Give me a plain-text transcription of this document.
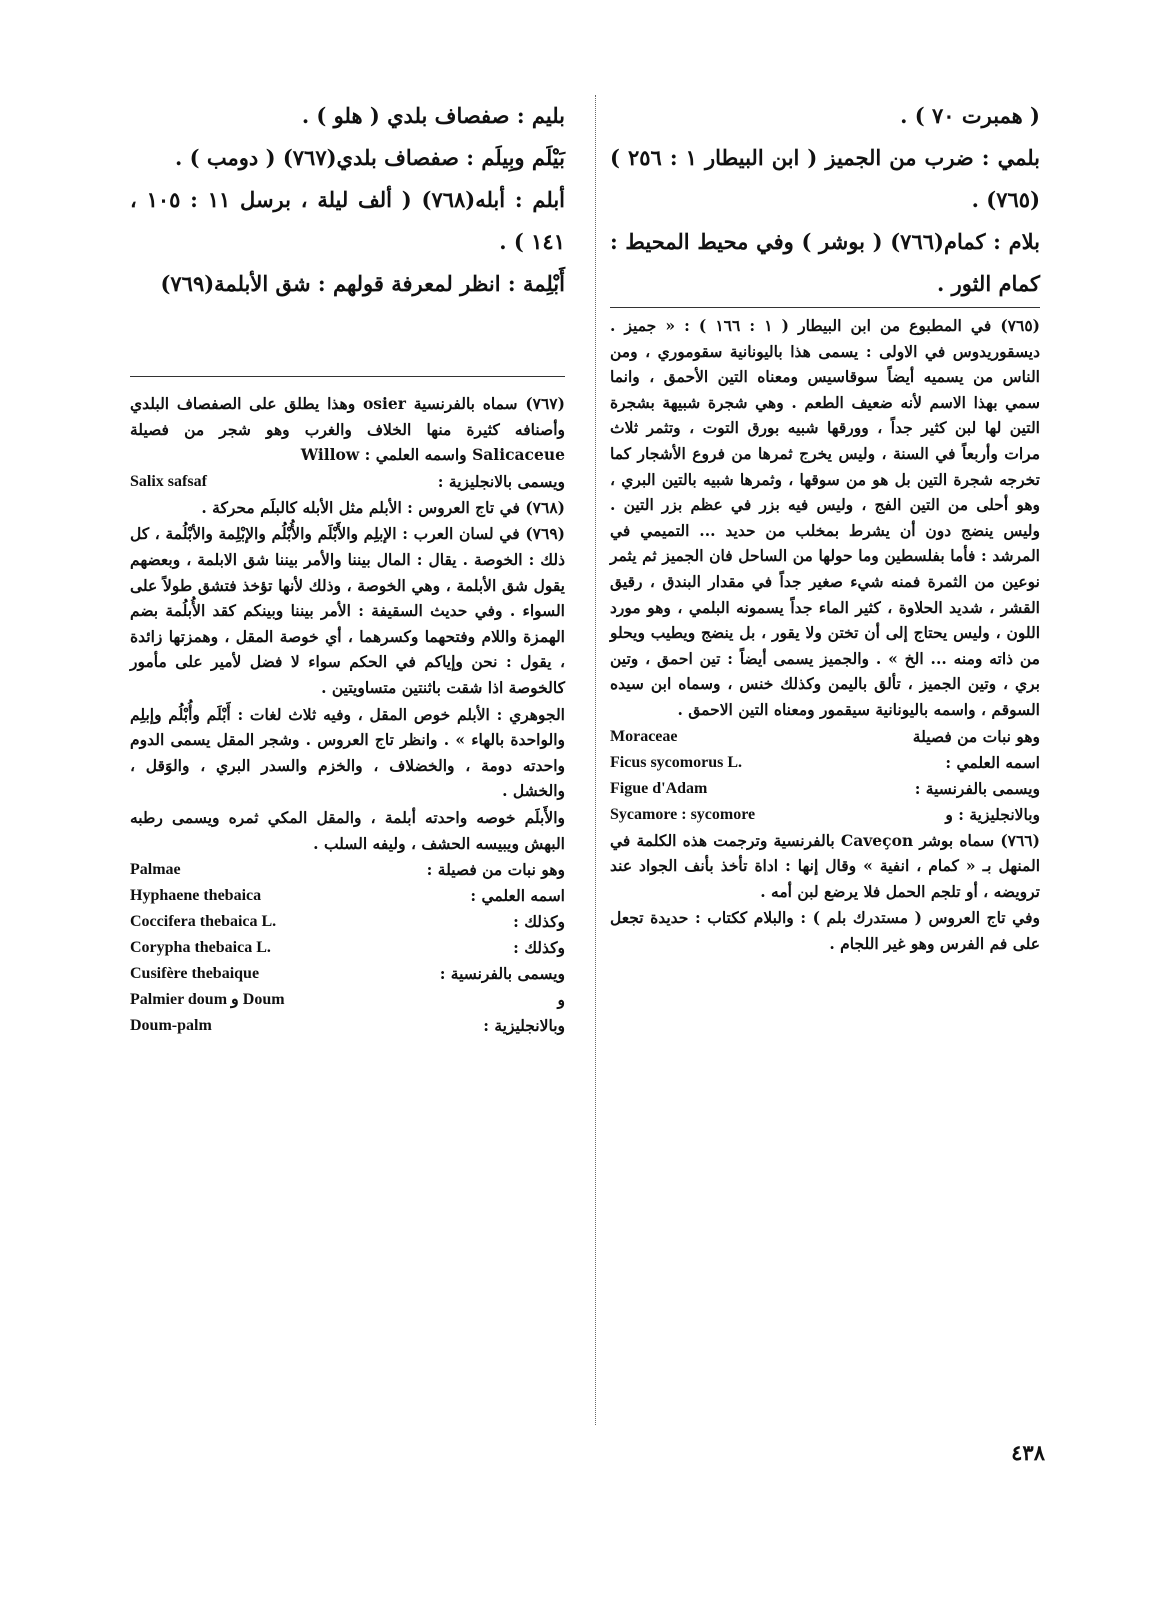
( همبرت ٧٠ ) .

بلمي : ضرب من الجميز ( ابن البيطار ١ : ٢٥٦ )(٧٦٥) .

بلام : كمام(٧٦٦) ( بوشر ) وفي محيط المحيط : كمام الثور .

(٧٦٥) في المطبوع من ابن البيطار ( ١ : ١٦٦ ) : « جميز . ديسقوريدوس في الاولى : يسمى هذا باليونانية سقوموري ، ومن الناس من يسميه أيضاً سوقاسيس ومعناه التين الأحمق ، وانما سمي بهذا الاسم لأنه ضعيف الطعم . وهي شجرة شبيهة بشجرة التين لها لبن كثير جداً ، وورقها شبيه بورق التوت ، وتثمر ثلاث مرات وأربعاً في السنة ، وليس يخرج ثمرها من فروع الأشجار كما تخرجه شجرة التين بل هو من سوقها ، وثمرها شبيه بالتين البري ، وهو أحلى من التين الفج ، وليس فيه بزر في عظم بزر التين . وليس ينضج دون أن يشرط بمخلب من حديد ... التميمي في المرشد : فأما بفلسطين وما حولها من الساحل فان الجميز ثم يثمر نوعين من الثمرة فمنه شيء صغير جداً في مقدار البندق ، رقيق القشر ، شديد الحلاوة ، كثير الماء جداً يسمونه البلمي ، وهو مورد اللون ، وليس يحتاج إلى أن تختن ولا يقور ، بل ينضج ويطيب ويحلو من ذاته ومنه ... الخ » . والجميز يسمى أيضاً : تين احمق ، وتين بري ، وتين الجميز ، تألق باليمن وكذلك خنس ، وسماه ابن سيده السوقم ، واسمه باليونانية سيقمور ومعناه التين الاحمق .

Moraceae	وهو نبات من فصيلة
Ficus sycomorus L.	اسمه العلمي :
Figue d'Adam	ويسمى بالفرنسية :
Sycamore : sycomore	وبالانجليزية : و

(٧٦٦) سماه بوشر Caveçon بالفرنسية وترجمت هذه الكلمة في المنهل بـ « كمام ، انفية » وقال إنها : اداة تأخذ بأنف الجواد عند ترويضه ، أو تلجم الحمل فلا يرضع لبن أمه .

وفي تاج العروس ( مستدرك بلم ) : والبلام ككتاب : حديدة تجعل على فم الفرس وهو غير اللجام .

بليم : صفصاف بلدي ( هلو ) .

بَيْلَم وبِيلَم : صفصاف بلدي(٧٦٧) ( دومب ) .

أبلم : أبله(٧٦٨) ( ألف ليلة ، برسل ١١ : ١٠٥ ، ١٤١ ) .

أَبْلِمة : انظر لمعرفة قولهم : شق الأبلمة(٧٦٩)

(٧٦٧) سماه بالفرنسية osier وهذا يطلق على الصفصاف البلدي وأصنافه كثيرة منها الخلاف والغرب وهو شجر من فصيلة Salicaceue واسمه العلمي : Willow

Salix safsaf	ويسمى بالانجليزية :

(٧٦٨) في تاج العروس : الأبلم مثل الأبله كالبلَم محركة .

(٧٦٩) في لسان العرب : الإبلِم والأَبْلَم والأُبْلُم والإبْلِمة والأبْلُمة ، كل ذلك : الخوصة . يقال : المال بيننا والأمر بيننا شق الابلمة ، وبعضهم يقول شق الأبلمة ، وهي الخوصة ، وذلك لأنها تؤخذ فتشق طولاً على السواء . وفي حديث السقيفة : الأمر بيننا وبينكم كقد الأُبلُمة بضم الهمزة واللام وفتحهما وكسرهما ، أي خوصة المقل ، وهمزتها زائدة ، يقول : نحن وإياكم في الحكم سواء لا فضل لأمير على مأمور كالخوصة اذا شقت باثنتين متساويتين .

الجوهري : الأبلم خوص المقل ، وفيه ثلاث لغات : أَبْلَم وأُبْلُم وإبلِم والواحدة بالهاء » . وانظر تاج العروس . وشجر المقل يسمى الدوم واحدته دومة ، والخضلاف ، والخزم والسدر البري ، والوَقل ، والخشل .

والأَبلَم خوصه واحدته أبلمة ، والمقل المكي ثمره ويسمى رطبه البهش ويبيسه الحشف ، وليفه السلب .

Palmae	وهو نبات من فصيلة :
Hyphaene thebaica	اسمه العلمي :
Coccifera thebaica L.	وكذلك :
Corypha thebaica L.	وكذلك :
Cusifère thebaique	ويسمى بالفرنسية :
Palmier doum و Doum	و
Doum-palm	وبالانجليزية :
٤٣٨
